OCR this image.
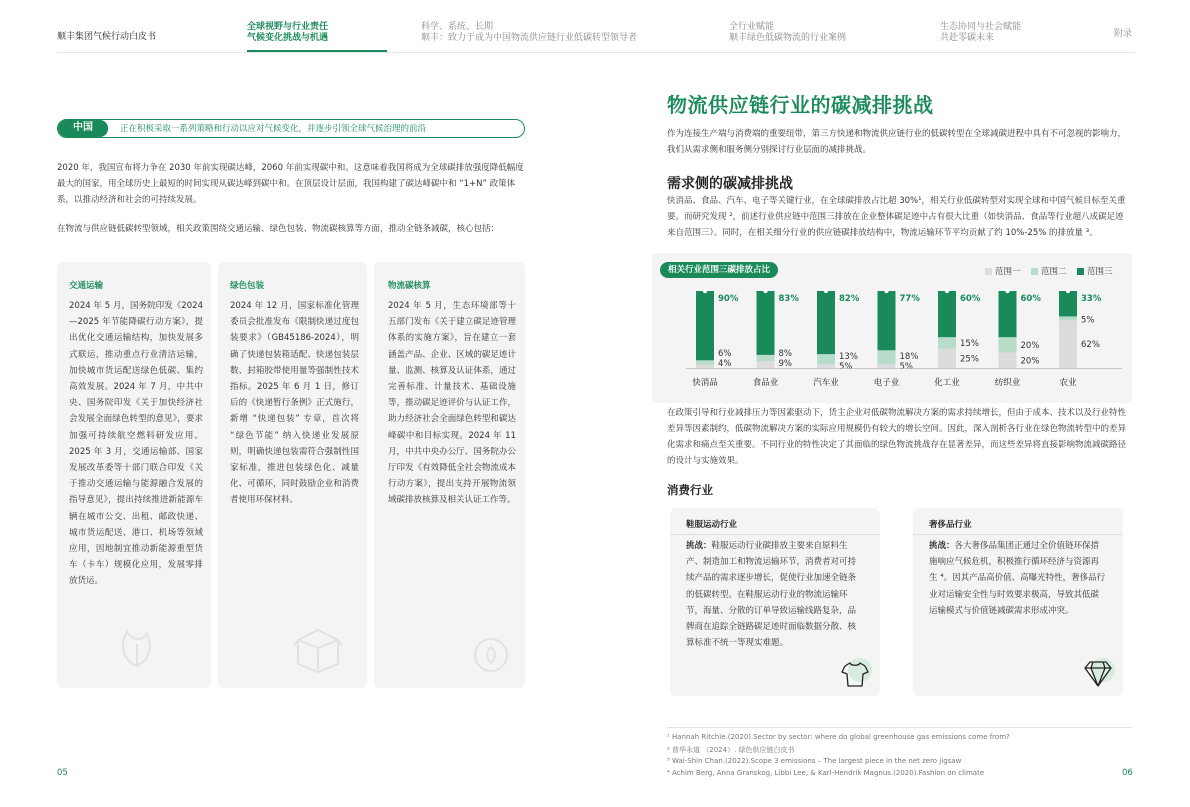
顺丰集团气候行动白皮书
全球视野与行业责任
气候变化挑战与机遇
科学、系统、长期
顺丰：致力于成为中国物流供应链行业低碳转型领导者
全行业赋能
顺丰绿色低碳物流的行业案例
生态协同与社会赋能
共赴零碳未来	附录
中国	正在积极采取一系列策略和行动以应对气候变化，并逐步引领全球气候治理的前沿
2020 年，我国宣布将力争在 2030 年前实现碳达峰，2060 年前实现碳中和。这意味着我国将成为全球碳排放强度降低幅度最大的国家，用全球历史上最短的时间实现从碳达峰到碳中和。在顶层设计层面，我国构建了碳达峰碳中和 “1+N” 政策体系，以推动经济和社会的可持续发展。
在物流与供应链低碳转型领域，相关政策围绕交通运输、绿色包装、物流碳核算等方面，推动全链条减碳，核心包括：
交通运输
2024 年 5 月，国务院印发《2024—2025 年节能降碳行动方案》，提出优化交通运输结构，加快发展多式联运，推动重点行业清洁运输，加快城市货运配送绿色低碳、集约高效发展。2024 年 7 月，中共中央、国务院印发《关于加快经济社会发展全面绿色转型的意见》，要求加强可持续航空燃料研发应用。2025 年 3 月，交通运输部、国家发展改革委等十部门联合印发《关于推动交通运输与能源融合发展的指导意见》，提出持续推进新能源车辆在城市公交、出租、邮政快递、城市货运配送、港口、机场等领域应用，因地制宜推动新能源重型货车（卡车）规模化应用，发展零排放货运。
绿色包装
2024 年 12 月，国家标准化管理委员会批准发布《限制快递过度包装要求》（GB45186-2024），明确了快递包装箱适配、快递包装层数、封箱胶带使用量等强制性技术指标。2025 年 6 月 1 日，修订后的《快递暂行条例》正式施行，新增 “快递包装” 专章，首次将 “绿色节能” 纳入快递业发展原则，明确快递包装需符合强制性国家标准，推进包装绿色化、减量化、可循环，同时鼓励企业和消费者使用环保材料。
物流碳核算
2024 年 5 月，生态环境部等十五部门发布《关于建立碳足迹管理体系的实施方案》，旨在建立一套涵盖产品、企业、区域的碳足迹计量、监测、核算及认证体系，通过完善标准、计量技术、基础设施等，推动碳足迹评价与认证工作，助力经济社会全面绿色转型和碳达峰碳中和目标实现。2024 年 11 月，中共中央办公厅、国务院办公厅印发《有效降低全社会物流成本行动方案》，提出支持开展物流领域碳排放核算及相关认证工作等。
05
物流供应链行业的碳减排挑战
作为连接生产端与消费端的重要纽带，第三方快递和物流供应链行业的低碳转型在全球减碳进程中具有不可忽视的影响力，我们从需求侧和服务侧分别探讨行业层面的减排挑战。
需求侧的碳减排挑战
快消品、食品、汽车、电子等关键行业，在全球碳排放占比超 30%¹，相关行业低碳转型对实现全球和中国气候目标至关重要。而研究发现 ²，前述行业供应链中范围三排放在企业整体碳足迹中占有很大比重（如快消品、食品等行业超八成碳足迹来自范围三）。同时，在相关细分行业的供应链碳排放结构中，物流运输环节平均贡献了约 10%-25% 的排放量 ³。
相关行业范围三碳排放占比	范围一	范围二	范围三
90%
6%
4%
快消品
83%
8%
9%
食品业
82%
13%
5%
汽车业
77%
18%
5%
电子业
60%
15%
25%
化工业
60%
20%
20%
纺织业
33%
5%
62%
农业
在政策引导和行业减排压力等因素驱动下，货主企业对低碳物流解决方案的需求持续增长，但由于成本、技术以及行业特性差异等因素制约，低碳物流解决方案的实际应用规模仍有较大的增长空间。因此，深入剖析各行业在绿色物流转型中的差异化需求和痛点至关重要。不同行业的特性决定了其面临的绿色物流挑战存在显著差异，而这些差异将直接影响物流减碳路径的设计与实施效果。
消费行业
鞋服运动行业
挑战：鞋服运动行业碳排放主要来自原料生产、制造加工和物流运输环节，消费者对可持续产品的需求逐步增长，促使行业加速全链条的低碳转型。在鞋服运动行业的物流运输环节，海量、分散的订单导致运输线路复杂，品牌商在追踪全链路碳足迹时面临数据分散、核算标准不统一等现实难题。
奢侈品行业
挑战：各大奢侈品集团正通过全价值链环保措施响应气候危机，积极推行循环经济与资源再生 ⁴。因其产品高价值、高曝光特性，奢侈品行业对运输安全性与时效要求极高，导致其低碳运输模式与价值链减碳需求形成冲突。
¹ Hannah Ritchie.(2020).Sector by sector: where do global greenhouse gas emissions come from?
² 普华永道 （2024）. 绿色供应链白皮书
³ Wai-Shin Chan.(2022).Scope 3 emissions – The largest piece in the net zero jigsaw
⁴ Achim Berg, Anna Granskog, Libbi Lee, & Karl-Hendrik Magnus.(2020).Fashion on climate	06
